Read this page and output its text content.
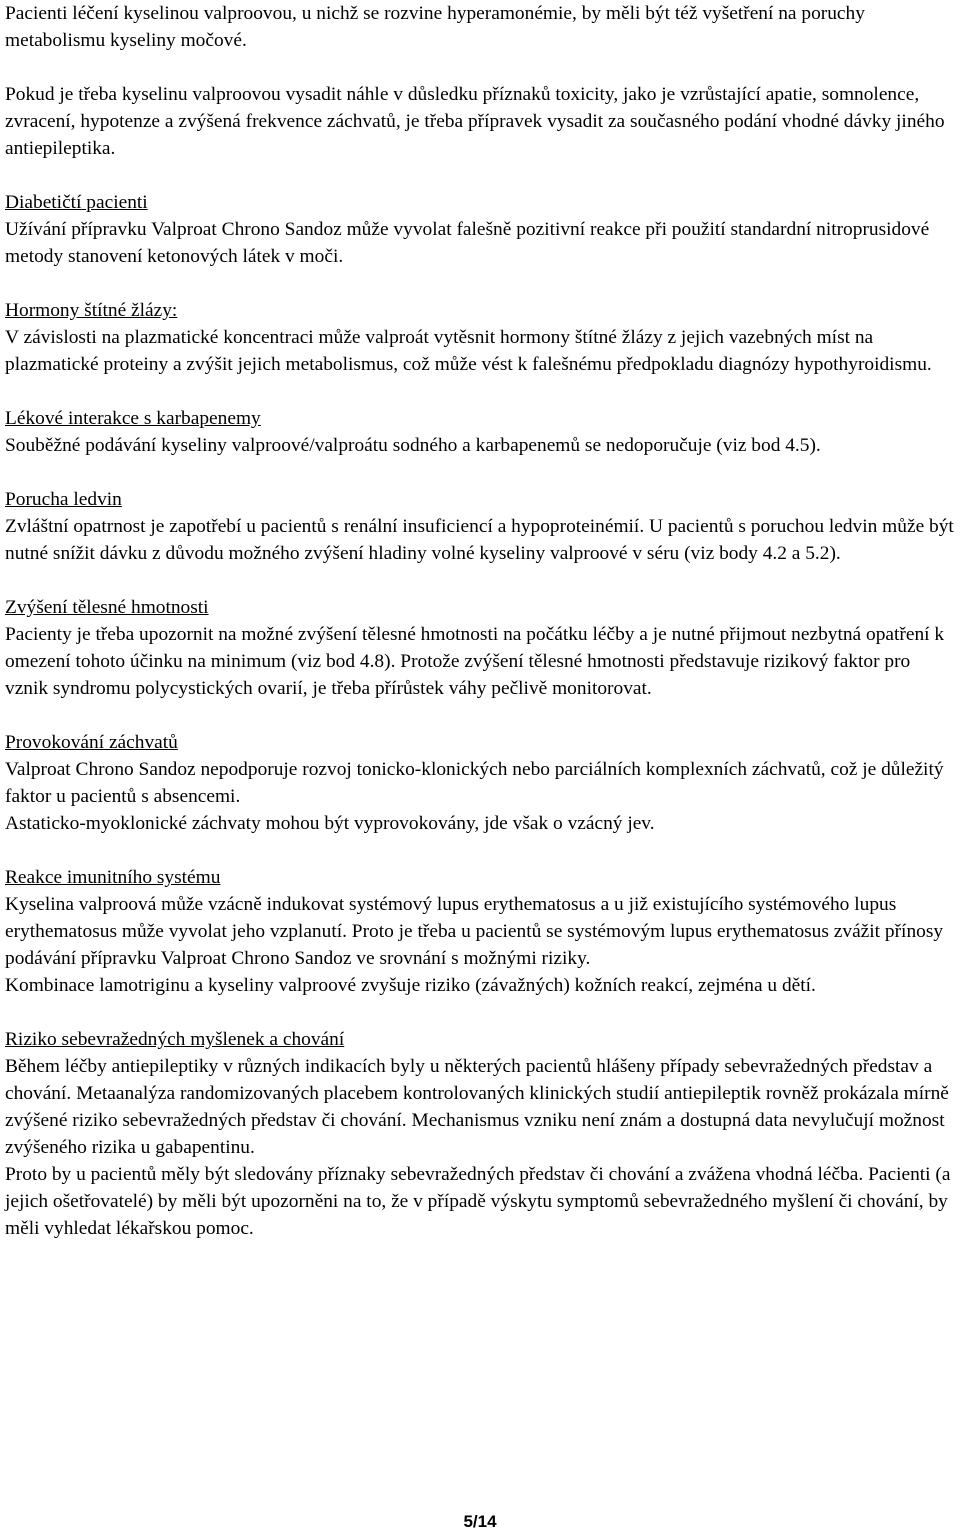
Pacienti léčení kyselinou valproovou, u nichž se rozvine hyperamonémie, by měli být též vyšetření na poruchy metabolismu kyseliny močové.

Pokud je třeba kyselinu valproovou vysadit náhle v důsledku příznaků toxicity, jako je vzrůstající apatie, somnolence, zvracení, hypotenze a zvýšená frekvence záchvatů, je třeba přípravek vysadit za současného podání vhodné dávky jiného antiepileptika.

Diabetičtí pacienti

Užívání přípravku Valproat Chrono Sandoz může vyvolat falešně pozitivní reakce při použití standardní nitroprusidové metody stanovení ketonových látek v moči.

Hormony štítné žlázy:

V závislosti na plazmatické koncentraci může valproát vytěsnit hormony štítné žlázy z jejich vazebných míst na plazmatické proteiny a zvýšit jejich metabolismus, což může vést k falešnému předpokladu diagnózy hypothyroidismu.

Lékové interakce s karbapenemy

Souběžné podávání kyseliny valproové/valproátu sodného a karbapenemů se nedoporučuje (viz bod 4.5).

Porucha ledvin

Zvláštní opatrnost je zapotřebí u pacientů s renální insuficiencí a hypoproteinémií. U pacientů s poruchou ledvin může být nutné snížit dávku z důvodu možného zvýšení hladiny volné kyseliny valproové v séru (viz body 4.2 a 5.2).

Zvýšení tělesné hmotnosti

Pacienty je třeba upozornit na možné zvýšení tělesné hmotnosti na počátku léčby a je nutné přijmout nezbytná opatření k omezení tohoto účinku na minimum (viz bod 4.8). Protože zvýšení tělesné hmotnosti představuje rizikový faktor pro vznik syndromu polycystických ovarií, je třeba přírůstek váhy pečlivě monitorovat.

Provokování záchvatů

Valproat Chrono Sandoz nepodporuje rozvoj tonicko-klonických nebo parciálních komplexních záchvatů, což je důležitý faktor u pacientů s absencemi.

Astaticko-myoklonické záchvaty mohou být vyprovokovány, jde však o vzácný jev.

Reakce imunitního systému

Kyselina valproová může vzácně indukovat systémový lupus erythematosus a u již existujícího systémového lupus erythematosus může vyvolat jeho vzplanutí. Proto je třeba u pacientů se systémovým lupus erythematosus zvážit přínosy podávání přípravku Valproat Chrono Sandoz ve srovnání s možnými riziky.

Kombinace lamotriginu a kyseliny valproové zvyšuje riziko (závažných) kožních reakcí, zejména u dětí.

Riziko sebevražedných myšlenek a chování

Během léčby antiepileptiky v různých indikacích byly u některých pacientů hlášeny případy sebevražedných představ a chování. Metaanalýza randomizovaných placebem kontrolovaných klinických studií antiepileptik rovněž prokázala mírně zvýšené riziko sebevražedných představ či chování. Mechanismus vzniku není znám a dostupná data nevylučují možnost zvýšeného rizika u gabapentinu.

Proto by u pacientů měly být sledovány příznaky sebevražedných představ či chování a zvážena vhodná léčba. Pacienti (a jejich ošetřovatelé) by měli být upozorněni na to, že v případě výskytu symptomů sebevražedného myšlení či chování, by měli vyhledat lékařskou pomoc.

5/14
